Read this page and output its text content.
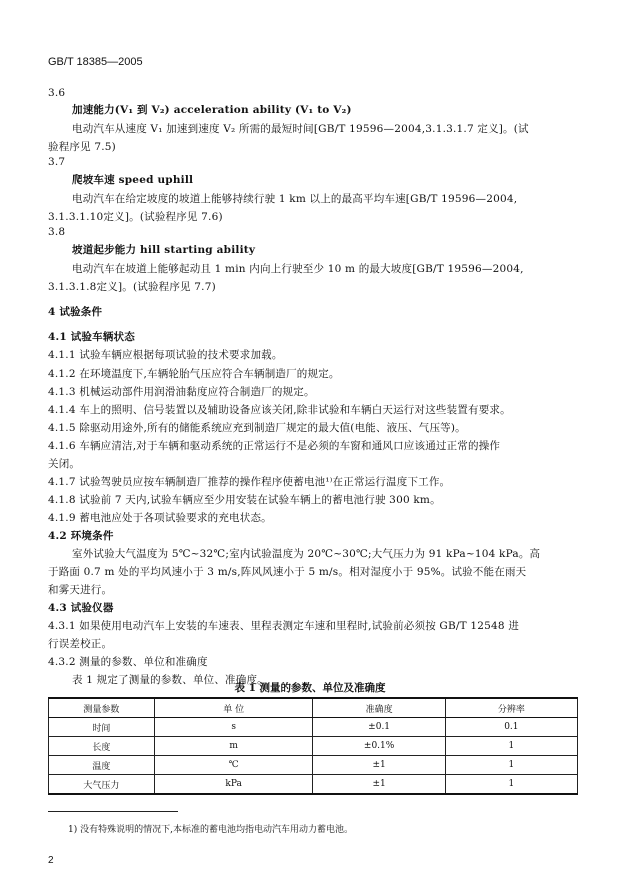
GB/T 18385—2005
3.6
加速能力(V₁ 到 V₂) acceleration ability (V₁ to V₂)
电动汽车从速度 V₁ 加速到速度 V₂ 所需的最短时间[GB/T 19596—2004,3.1.3.1.7 定义]。(试
验程序见 7.5)
3.7
爬坡车速 speed uphill
电动汽车在给定坡度的坡道上能够持续行驶 1 km 以上的最高平均车速[GB/T 19596—2004,
3.1.3.1.10定义]。(试验程序见 7.6)
3.8
坡道起步能力 hill starting ability
电动汽车在坡道上能够起动且 1 min 内向上行驶至少 10 m 的最大坡度[GB/T 19596—2004,
3.1.3.1.8定义]。(试验程序见 7.7)
4 试验条件
4.1 试验车辆状态
4.1.1 试验车辆应根据每项试验的技术要求加载。
4.1.2 在环境温度下,车辆轮胎气压应符合车辆制造厂的规定。
4.1.3 机械运动部件用润滑油黏度应符合制造厂的规定。
4.1.4 车上的照明、信号装置以及辅助设备应该关闭,除非试验和车辆白天运行对这些装置有要求。
4.1.5 除驱动用途外,所有的储能系统应充到制造厂规定的最大值(电能、液压、气压等)。
4.1.6 车辆应清洁,对于车辆和驱动系统的正常运行不是必须的车窗和通风口应该通过正常的操作
关闭。
4.1.7 试验驾驶员应按车辆制造厂推荐的操作程序使蓄电池¹⁾在正常运行温度下工作。
4.1.8 试验前 7 天内,试验车辆应至少用安装在试验车辆上的蓄电池行驶 300 km。
4.1.9 蓄电池应处于各项试验要求的充电状态。
4.2 环境条件
室外试验大气温度为 5℃~32℃;室内试验温度为 20℃~30℃;大气压力为 91 kPa~104 kPa。高
于路面 0.7 m 处的平均风速小于 3 m/s,阵风风速小于 5 m/s。相对湿度小于 95%。试验不能在雨天
和雾天进行。
4.3 试验仪器
4.3.1 如果使用电动汽车上安装的车速表、里程表测定车速和里程时,试验前必须按 GB/T 12548 进
行误差校正。
4.3.2 测量的参数、单位和准确度
表 1 规定了测量的参数、单位、准确度。
表 1 测量的参数、单位及准确度
测量参数	单 位	准确度	分辨率
时间	s	±0.1	0.1
长度	m	±0.1%	1
温度	℃	±1	1
大气压力	kPa	±1	1
1) 没有特殊说明的情况下,本标准的蓄电池均指电动汽车用动力蓄电池。
2
